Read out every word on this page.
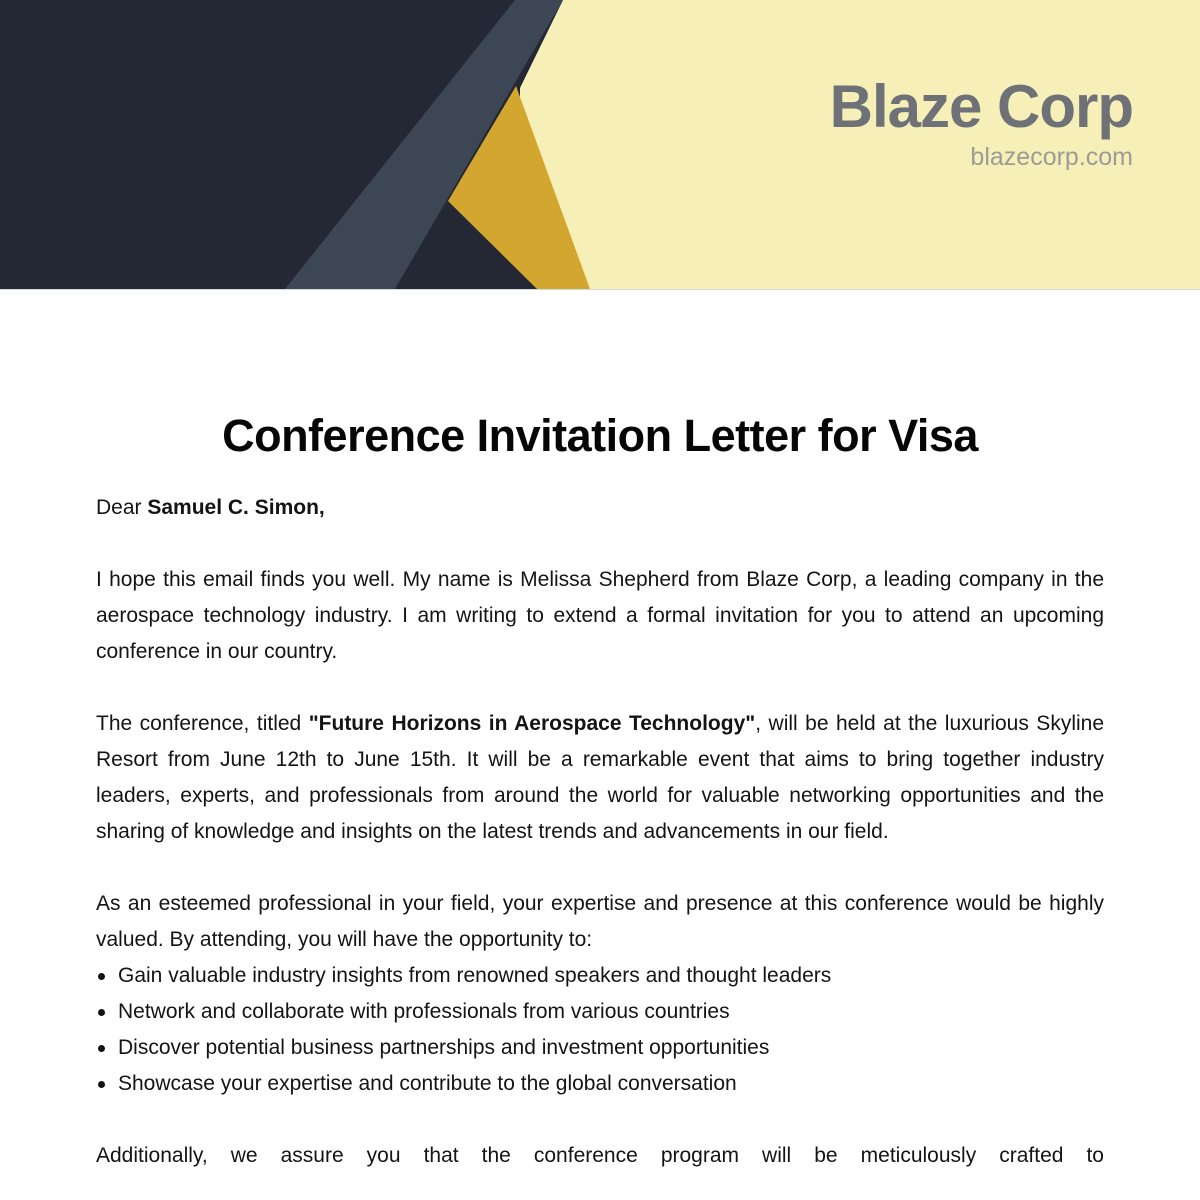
Blaze Corp
blazecorp.com
Conference Invitation Letter for Visa

Dear Samuel C. Simon,

I hope this email finds you well. My name is Melissa Shepherd from Blaze Corp, a leading company in the aerospace technology industry. I am writing to extend a formal invitation for you to attend an upcoming conference in our country.

The conference, titled "Future Horizons in Aerospace Technology", will be held at the luxurious Skyline Resort from June 12th to June 15th. It will be a remarkable event that aims to bring together industry leaders, experts, and professionals from around the world for valuable networking opportunities and the sharing of knowledge and insights on the latest trends and advancements in our field.

As an esteemed professional in your field, your expertise and presence at this conference would be highly valued. By attending, you will have the opportunity to:

Gain valuable industry insights from renowned speakers and thought leaders
Network and collaborate with professionals from various countries
Discover potential business partnerships and investment opportunities
Showcase your expertise and contribute to the global conversation

Additionally, we assure you that the conference program will be meticulously crafted to
